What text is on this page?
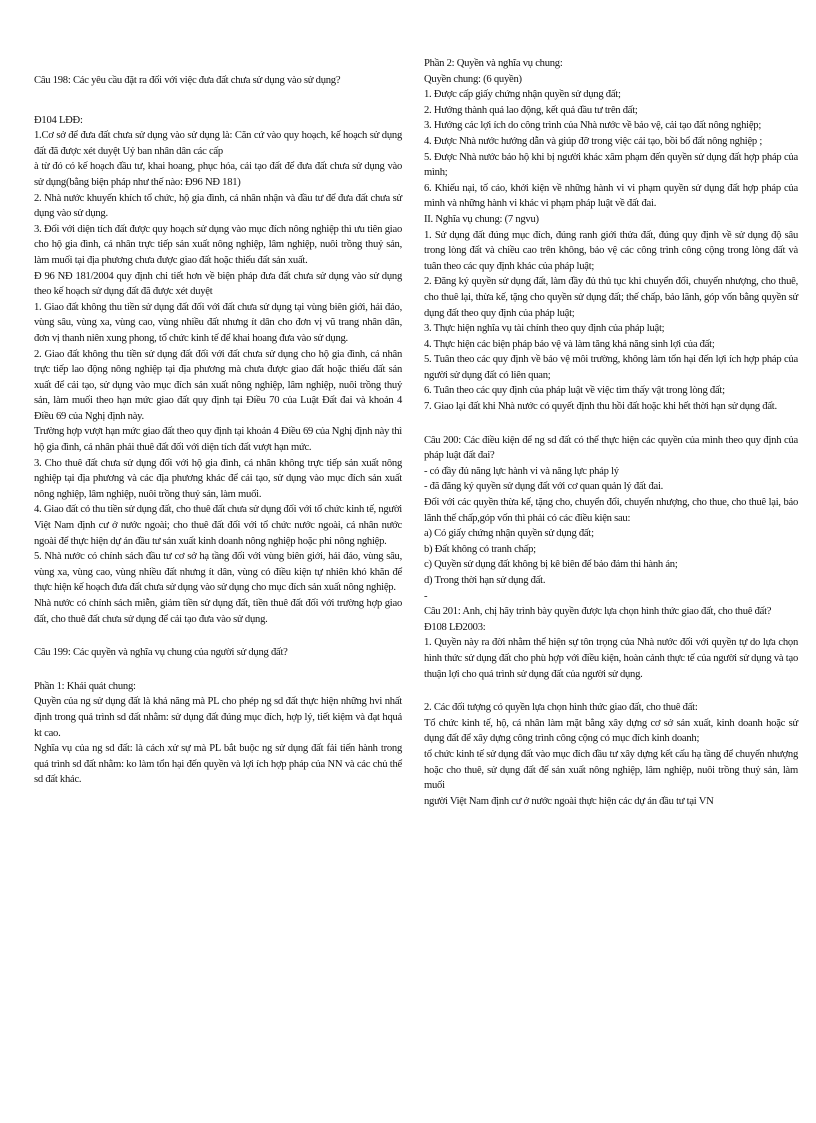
Câu 198: Các yêu cầu đặt ra đối với việc đưa đất chưa sử dụng vào sử dụng?

Đ104 LĐĐ:

1.Cơ sở để đưa đất chưa sử dụng vào sử dụng là: Căn cứ vào quy hoạch, kế hoạch sử dụng đất đã được xét duyệt Uỷ ban nhân dân các cấp

à từ đó có kế hoạch đầu tư, khai hoang, phục hóa, cải tạo đất để đưa đất chưa sử dụng vào sử dụng(bằng biện pháp như thế nào: Đ96 NĐ 181)

2. Nhà nước khuyến khích tổ chức, hộ gia đình, cá nhân nhận và đầu tư để đưa đất chưa sử dụng vào sử dụng.

3. Đối với diện tích đất được quy hoạch sử dụng vào mục đích nông nghiệp thì ưu tiên giao cho hộ gia đình, cá nhân trực tiếp sản xuất nông nghiệp, lâm nghiệp, nuôi trồng thuỷ sản, làm muối tại địa phương chưa được giao đất hoặc thiếu đất sản xuất.

Đ 96 NĐ 181/2004 quy định chi tiết hơn về biện pháp đưa đất chưa sử dụng vào sử dụng theo kế hoạch sử dụng đất đã được xét duyệt

1. Giao đất không thu tiền sử dụng đất đối với đất chưa sử dụng tại vùng biên giới, hải đảo, vùng sâu, vùng xa, vùng cao, vùng nhiều đất nhưng ít dân cho đơn vị vũ trang nhân dân, đơn vị thanh niên xung phong, tổ chức kinh tế để khai hoang đưa vào sử dụng.

2. Giao đất không thu tiền sử dụng đất đối với đất chưa sử dụng cho hộ gia đình, cá nhân trực tiếp lao động nông nghiệp tại địa phương mà chưa được giao đất hoặc thiếu đất sản xuất để cải tạo, sử dụng vào mục đích sản xuất nông nghiệp, lâm nghiệp, nuôi trồng thuỷ sản, làm muối theo hạn mức giao đất quy định tại Điều 70 của Luật Đất đai và khoản 4 Điều 69 của Nghị định này.

Trường hợp vượt hạn mức giao đất theo quy định tại khoản 4 Điều 69 của Nghị định này thì hộ gia đình, cá nhân phải thuê đất đối với diện tích đất vượt hạn mức.

3. Cho thuê đất chưa sử dụng đối với hộ gia đình, cá nhân không trực tiếp sản xuất nông nghiệp tại địa phương và các địa phương khác để cải tạo, sử dụng vào mục đích sản xuất nông nghiệp, lâm nghiệp, nuôi trồng thuỷ sản, làm muối.

4. Giao đất có thu tiền sử dụng đất, cho thuê đất chưa sử dụng đối với tổ chức kinh tế, người Việt Nam định cư ở nước ngoài; cho thuê đất đối với tổ chức nước ngoài, cá nhân nước ngoài để thực hiện dự án đầu tư sản xuất kinh doanh nông nghiệp hoặc phi nông nghiệp.

5. Nhà nước có chính sách đầu tư cơ sở hạ tầng đối với vùng biên giới, hải đảo, vùng sâu, vùng xa, vùng cao, vùng nhiều đất nhưng ít dân, vùng có điều kiện tự nhiên khó khăn để thực hiện kế hoạch đưa đất chưa sử dụng vào sử dụng cho mục đích sản xuất nông nghiệp.

Nhà nước có chính sách miễn, giảm tiền sử dụng đất, tiền thuê đất đối với trường hợp giao đất, cho thuê đất chưa sử dụng để cải tạo đưa vào sử dụng.

Câu 199: Các quyền và nghĩa vụ chung của người sử dụng đất?

Phần 1: Khái quát chung:

Quyền của ng sử dụng đất là khả năng mà PL cho phép ng sd đất thực hiện những hvi nhất định trong quá trình sd đất nhằm: sử dụng đất đúng mục đích, hợp lý, tiết kiệm và đạt hquả kt cao.

Nghĩa vụ của ng sd đất: là cách xử sự mà PL bắt buộc ng sử dụng đất fải tiến hành trong quá trình sd đất nhằm: ko làm tổn hại đến quyền và lợi ích hợp pháp của NN và các chủ thể sd đất khác.

Phần 2: Quyền và nghĩa vụ chung:

Quyền chung: (6 quyền)

1. Được cấp giấy chứng nhận quyền sử dụng đất;

2. Hưởng thành quả lao động, kết quả đầu tư trên đất;

3. Hưởng các lợi ích do công trình của Nhà nước về bảo vệ, cải tạo đất nông nghiệp;

4. Được Nhà nước hướng dẫn và giúp đỡ trong việc cải tạo, bồi bổ đất nông nghiệp ;

5. Được Nhà nước bảo hộ khi bị người khác xâm phạm đến quyền sử dụng đất hợp pháp của mình;

6. Khiếu nại, tố cáo, khởi kiện về những hành vi vi phạm quyền sử dụng đất hợp pháp của mình và những hành vi khác vi phạm pháp luật về đất đai.

II. Nghĩa vụ chung: (7 ngvu)

1. Sử dụng đất đúng mục đích, đúng ranh giới thửa đất, đúng quy định về sử dụng độ sâu trong lòng đất và chiều cao trên không, bảo vệ các công trình công cộng trong lòng đất và tuân theo các quy định khác của pháp luật;

2. Đăng ký quyền sử dụng đất, làm đầy đủ thủ tục khi chuyển đổi, chuyển nhượng, cho thuê, cho thuê lại, thừa kế, tặng cho quyền sử dụng đất; thế chấp, bảo lãnh, góp vốn bằng quyền sử dụng đất theo quy định của pháp luật;

3. Thực hiện nghĩa vụ tài chính theo quy định của pháp luật;

4. Thực hiện các biện pháp bảo vệ và làm tăng khả năng sinh lợi của đất;

5. Tuân theo các quy định về bảo vệ môi trường, không làm tổn hại đến lợi ích hợp pháp của người sử dụng đất có liên quan;

6. Tuân theo các quy định của pháp luật về việc tìm thấy vật trong lòng đất;

7. Giao lại đất khi Nhà nước có quyết định thu hồi đất hoặc khi hết thời hạn sử dụng đất.

Câu 200: Các điều kiện để ng sd đất có thể thực hiện các quyền của mình theo quy định của pháp luật đất đai?

- có đầy đủ năng lực hành vi và năng lực pháp lý

- đã đăng ký quyền sử dụng đất với cơ quan quản lý đất đai.

Đối với các quyền thừa kế, tặng cho, chuyển đổi, chuyển nhượng, cho thue, cho thuê lại, bảo lãnh thế chấp,góp vốn thì phải có các điều kiện sau:

a) Có giấy chứng nhận quyền sử dụng đất;

b) Đất không có tranh chấp;

c) Quyền sử dụng đất không bị kê biên để bảo đảm thi hành án;

d) Trong thời hạn sử dụng đất.

-

Câu 201: Anh, chị hãy trình bày quyền được lựa chọn hình thức giao đất, cho thuê đất?

Đ108 LĐ2003:

1. Quyền này ra đời nhằm thể hiện sự tôn trọng của Nhà nước đối với quyền tự do lựa chọn hình thức sử dụng đất cho phù hợp với điều kiện, hoàn cảnh thực tế của người sử dụng và tạo thuận lợi cho quá trình sử dụng đất của người sử dụng.

2. Các đối tượng có quyền lựa chọn hình thức giao đất, cho thuê đất:

Tổ chức kinh tế, hộ, cá nhân làm mặt bằng xây dựng cơ sở sản xuất, kinh doanh hoặc sử dụng đất để xây dựng công trình công cộng có mục đích kinh doanh;

tổ chức kinh tế sử dụng đất vào mục đích đầu tư xây dựng kết cấu hạ tầng để chuyển nhượng hoặc cho thuê, sử dụng đất để sản xuất nông nghiệp, lâm nghiệp, nuôi trồng thuỷ sản, làm muối

người Việt Nam định cư ở nước ngoài thực hiện các dự án đầu tư tại VN
